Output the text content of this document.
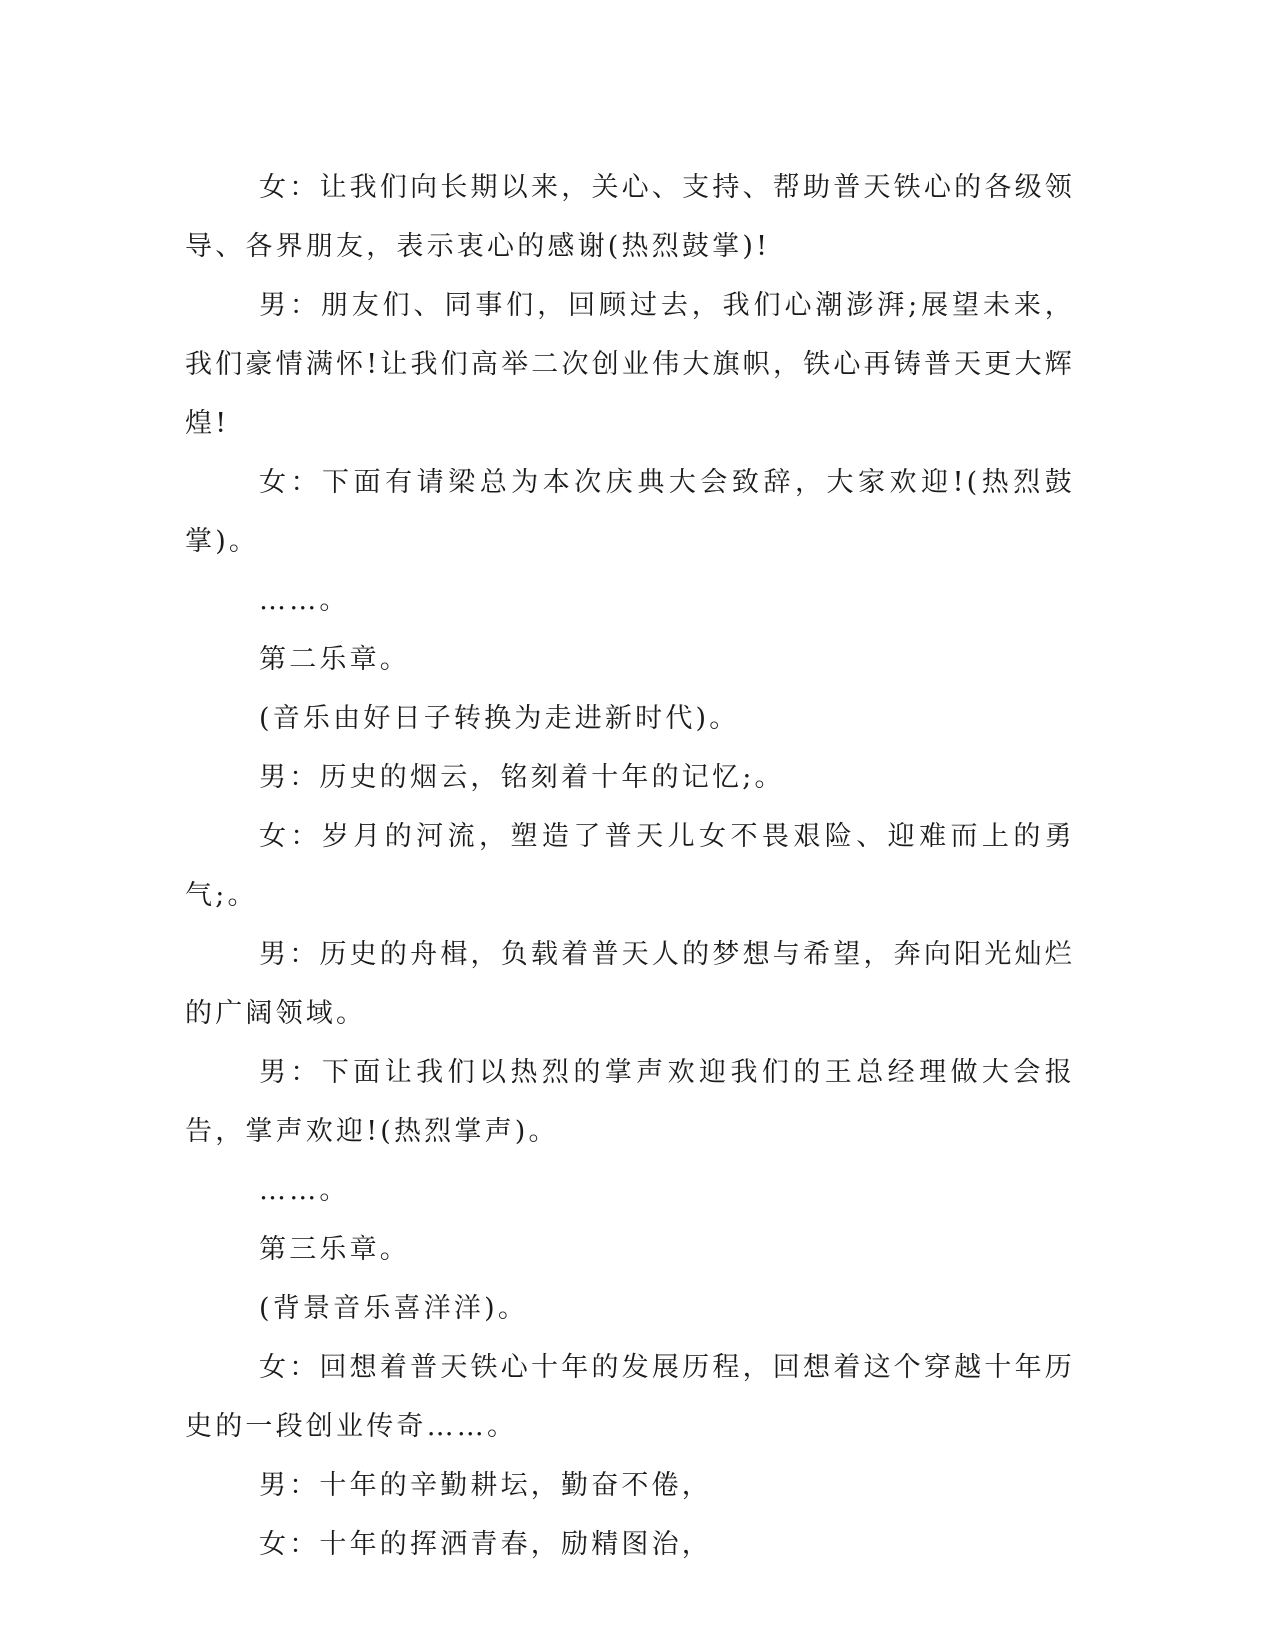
女：让我们向长期以来，关心、支持、帮助普天铁心的各级领导、各界朋友，表示衷心的感谢(热烈鼓掌)!

男：朋友们、同事们，回顾过去，我们心潮澎湃;展望未来，我们豪情满怀!让我们高举二次创业伟大旗帜，铁心再铸普天更大辉煌!

女：下面有请梁总为本次庆典大会致辞，大家欢迎!(热烈鼓掌)。

……。

第二乐章。

(音乐由好日子转换为走进新时代)。

男：历史的烟云，铭刻着十年的记忆;。

女：岁月的河流，塑造了普天儿女不畏艰险、迎难而上的勇气;。

男：历史的舟楫，负载着普天人的梦想与希望，奔向阳光灿烂的广阔领域。

男：下面让我们以热烈的掌声欢迎我们的王总经理做大会报告，掌声欢迎!(热烈掌声)。

……。

第三乐章。

(背景音乐喜洋洋)。

女：回想着普天铁心十年的发展历程，回想着这个穿越十年历史的一段创业传奇……。

男：十年的辛勤耕坛，勤奋不倦，

女：十年的挥洒青春，励精图治，
